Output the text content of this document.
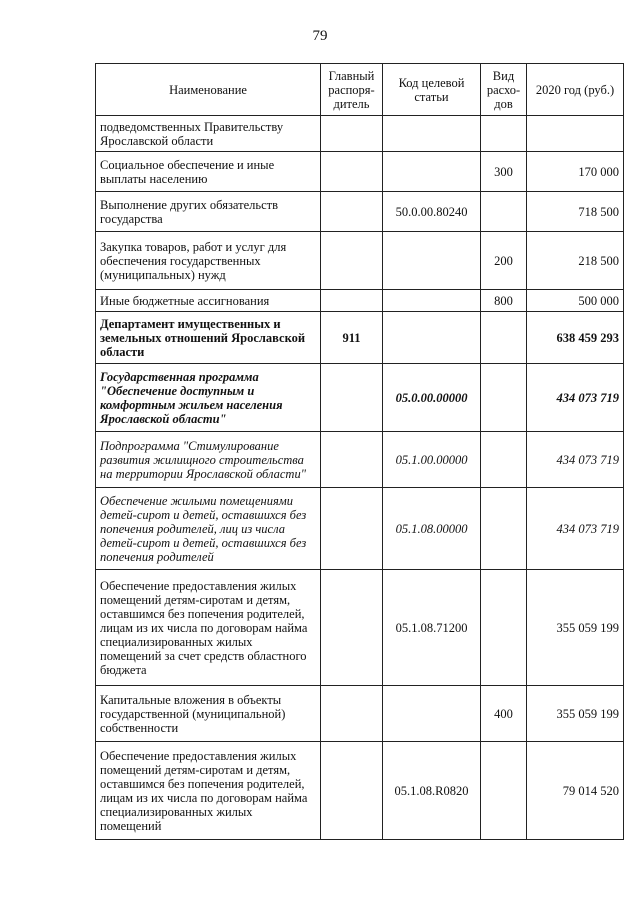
79
Наименование	Главный распоря-дитель	Код целевой статьи	Вид расхо-дов	2020 год (руб.)
подведомственных Правительству Ярославской области				
Социальное обеспечение и иные выплаты населению			300	170 000
Выполнение других обязательств государства		50.0.00.80240		718 500
Закупка товаров, работ и услуг для обеспечения государственных (муниципальных) нужд			200	218 500
Иные бюджетные ассигнования			800	500 000
Департамент имущественных и земельных отношений Ярославской области	911			638 459 293
Государственная программа "Обеспечение доступным и комфортным жильем населения Ярославской области"		05.0.00.00000		434 073 719
Подпрограмма "Стимулирование развития жилищного строительства на территории Ярославской области"		05.1.00.00000		434 073 719
Обеспечение жилыми помещениями детей-сирот и детей, оставшихся без попечения родителей, лиц из числа детей-сирот и детей, оставшихся без попечения родителей		05.1.08.00000		434 073 719
Обеспечение предоставления жилых помещений детям-сиротам и детям, оставшимся без попечения родителей, лицам из их числа по договорам найма специализированных жилых помещений за счет средств областного бюджета		05.1.08.71200		355 059 199
Капитальные вложения в объекты государственной (муниципальной) собственности			400	355 059 199
Обеспечение предоставления жилых помещений детям-сиротам и детям, оставшимся без попечения родителей, лицам из их числа по договорам найма специализированных жилых помещений		05.1.08.R0820		79 014 520
